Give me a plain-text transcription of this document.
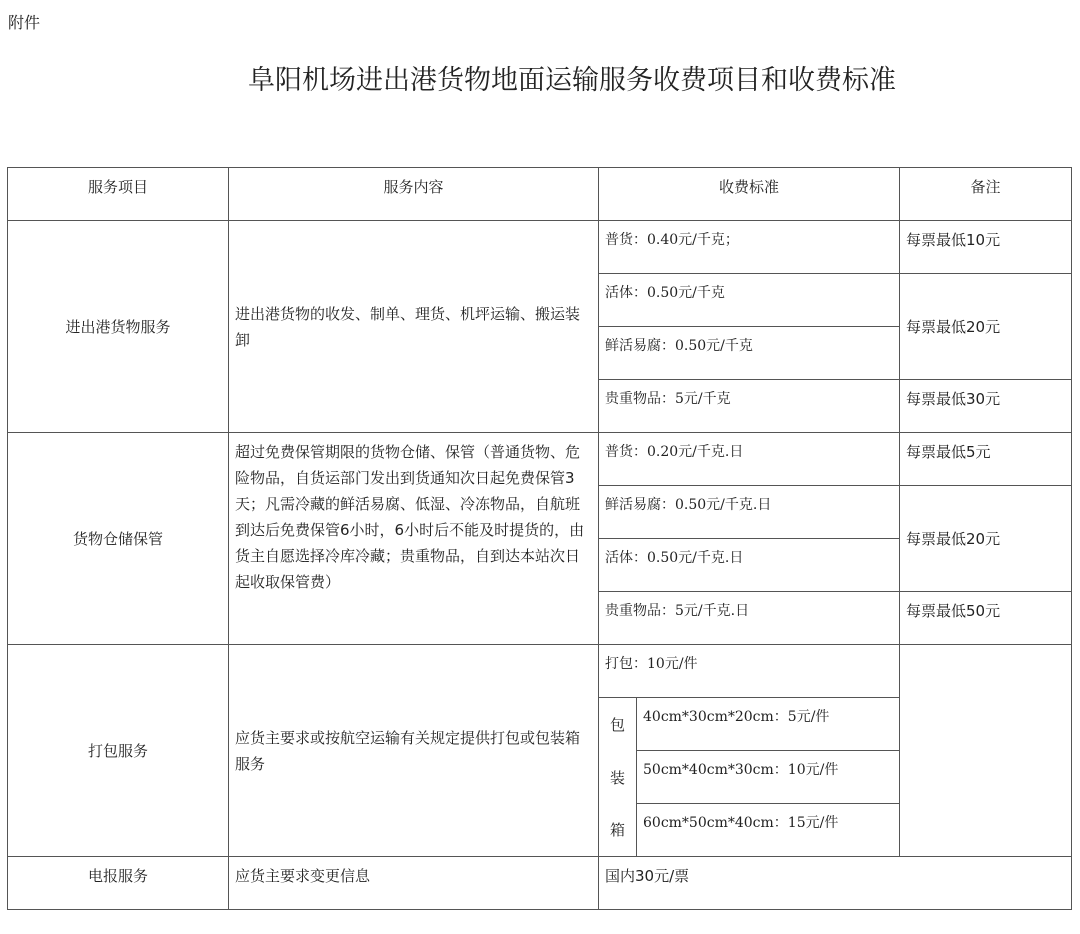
附件
阜阳机场进出港货物地面运输服务收费项目和收费标准
服务项目	服务内容	收费标准		备注
进出港货物服务	进出港货物的收发、制单、理货、机坪运输、搬运装卸	普货：0.40元/千克；		每票最低10元
		活体：0.50元/千克		每票最低20元
		鲜活易腐：0.50元/千克		
		贵重物品：5元/千克		每票最低30元
货物仓储保管	超过免费保管期限的货物仓储、保管（普通货物、危险物品，自货运部门发出到货通知次日起免费保管3天；凡需冷藏的鲜活易腐、低湿、冷冻物品，自航班到达后免费保管6小时，6小时后不能及时提货的，由货主自愿选择冷库冷藏；贵重物品，自到达本站次日起收取保管费）	普货：0.20元/千克.日		每票最低5元
		鲜活易腐：0.50元/千克.日		每票最低20元
		活体：0.50元/千克.日		
		贵重物品：5元/千克.日		每票最低50元
打包服务	应货主要求或按航空运输有关规定提供打包或包装箱服务	打包：10元/件		
		包	40cm*30cm*20cm：5元/件	
		装	50cm*40cm*30cm：10元/件	
		箱	60cm*50cm*40cm：15元/件	
电报服务	应货主要求变更信息	国内30元/票		
